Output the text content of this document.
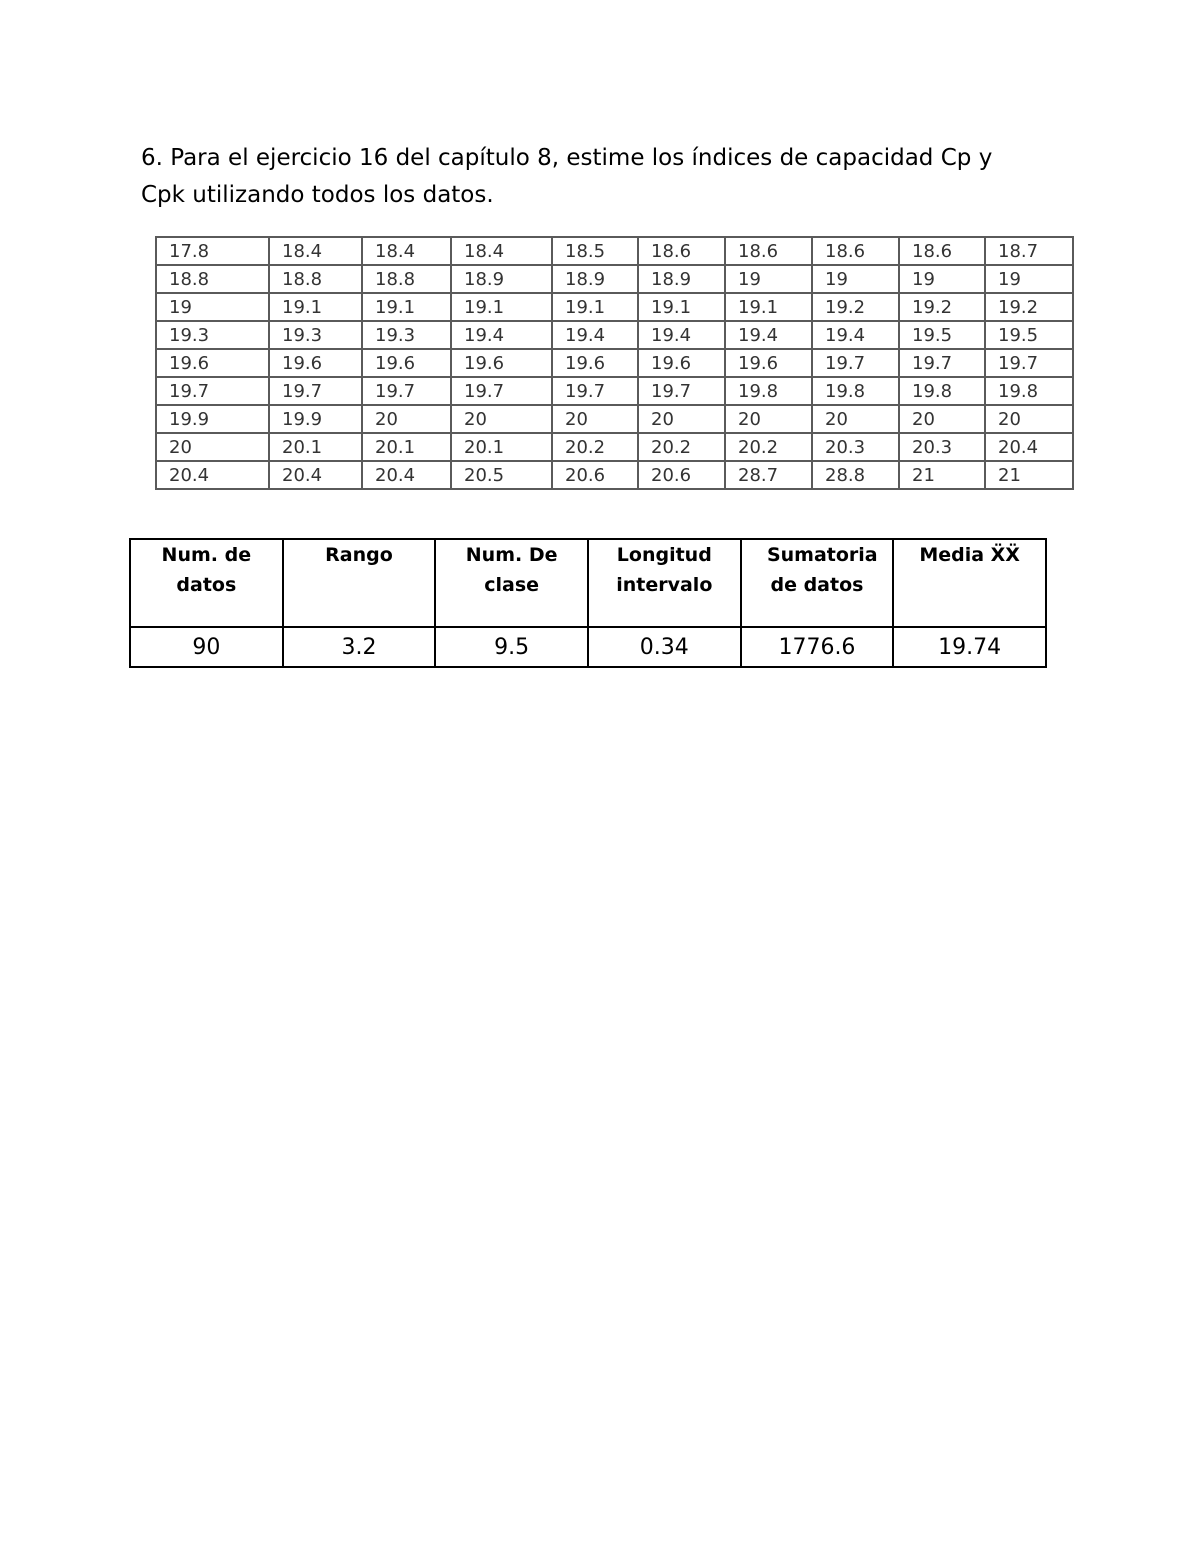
6. Para el ejercicio 16 del capítulo 8, estime los índices de capacidad Cp y Cpk utilizando todos los datos.

17.8	18.4	18.4	18.4	18.5	18.6	18.6	18.6	18.6	18.7
18.8	18.8	18.8	18.9	18.9	18.9	19	19	19	19
19	19.1	19.1	19.1	19.1	19.1	19.1	19.2	19.2	19.2
19.3	19.3	19.3	19.4	19.4	19.4	19.4	19.4	19.5	19.5
19.6	19.6	19.6	19.6	19.6	19.6	19.6	19.7	19.7	19.7
19.7	19.7	19.7	19.7	19.7	19.7	19.8	19.8	19.8	19.8
19.9	19.9	20	20	20	20	20	20	20	20
20	20.1	20.1	20.1	20.2	20.2	20.2	20.3	20.3	20.4
20.4	20.4	20.4	20.5	20.6	20.6	28.7	28.8	21	21
Num. de datos	Rango	Num. De clase	Longitud intervalo	Sumatoria de datos	Media ẌẌ
90	3.2	9.5	0.34	1776.6	19.74
